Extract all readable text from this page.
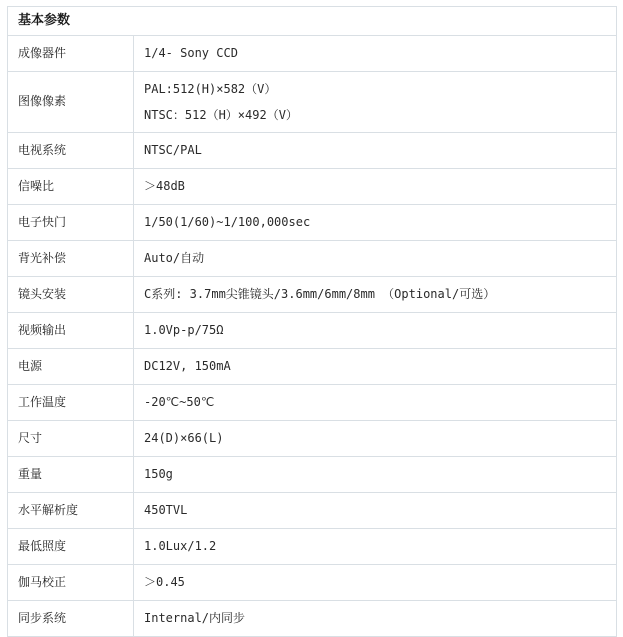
基本参数	
成像器件	1/4- Sony CCD
图像像素	PAL:512(H)×582（V）
NTSC：512（H）×492（V）

电视系统	NTSC/PAL
信噪比	＞48dB
电子快门	1/50(1/60)~1/100,000sec
背光补偿	Auto/自动
镜头安装	C系列: 3.7mm尖锥镜头/3.6mm/6mm/8mm （Optional/可选）
视频输出	1.0Vp-p/75Ω
电源	DC12V, 150mA
工作温度	-20℃~50℃
尺寸	24(D)×66(L)
重量	150g
水平解析度	450TVL
最低照度	1.0Lux/1.2
伽马校正	＞0.45
同步系统	Internal/内同步
